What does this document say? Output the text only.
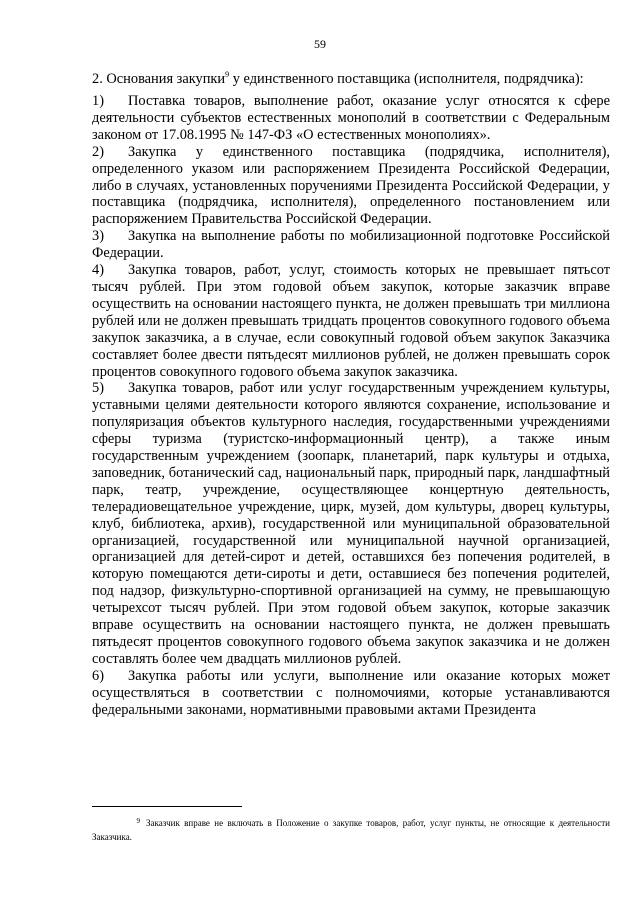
59
2. Основания закупки$^9$ у единственного поставщика (исполнителя, подрядчика):

1) Поставка товаров, выполнение работ, оказание услуг относятся к сфере деятельности субъектов естественных монополий в соответствии с Федеральным законом от 17.08.1995 № 147-ФЗ «О естественных монополиях».

2) Закупка у единственного поставщика (подрядчика, исполнителя), определенного указом или распоряжением Президента Российской Федерации, либо в случаях, установленных поручениями Президента Российской Федерации, у поставщика (подрядчика, исполнителя), определенного постановлением или распоряжением Правительства Российской Федерации.

3) Закупка на выполнение работы по мобилизационной подготовке Российской Федерации.

4) Закупка товаров, работ, услуг, стоимость которых не превышает пятьсот тысяч рублей. При этом годовой объем закупок, которые заказчик вправе осуществить на основании настоящего пункта, не должен превышать три миллиона рублей или не должен превышать тридцать процентов совокупного годового объема закупок заказчика, а в случае, если совокупный годовой объем закупок Заказчика составляет более двести пятьдесят миллионов рублей, не должен превышать сорок процентов совокупного годового объема закупок заказчика.

5) Закупка товаров, работ или услуг государственным учреждением культуры, уставными целями деятельности которого являются сохранение, использование и популяризация объектов культурного наследия, государственными учреждениями сферы туризма (туристско-информационный центр), а также иным государственным учреждением (зоопарк, планетарий, парк культуры и отдыха, заповедник, ботанический сад, национальный парк, природный парк, ландшафтный парк, театр, учреждение, осуществляющее концертную деятельность, телерадиовещательное учреждение, цирк, музей, дом культуры, дворец культуры, клуб, библиотека, архив), государственной или муниципальной образовательной организацией, государственной или муниципальной научной организацией, организацией для детей-сирот и детей, оставшихся без попечения родителей, в которую помещаются дети-сироты и дети, оставшиеся без попечения родителей, под надзор, физкультурно-спортивной организацией на сумму, не превышающую четырехсот тысяч рублей. При этом годовой объем закупок, которые заказчик вправе осуществить на основании настоящего пункта, не должен превышать пятьдесят процентов совокупного годового объема закупок заказчика и не должен составлять более чем двадцать миллионов рублей.

6) Закупка работы или услуги, выполнение или оказание которых может осуществляться в соответствии с полномочиями, которые устанавливаются федеральными законами, нормативными правовыми актами Президента

9 Заказчик вправе не включать в Положение о закупке товаров, работ, услуг пункты, не относящие к деятельности Заказчика.
